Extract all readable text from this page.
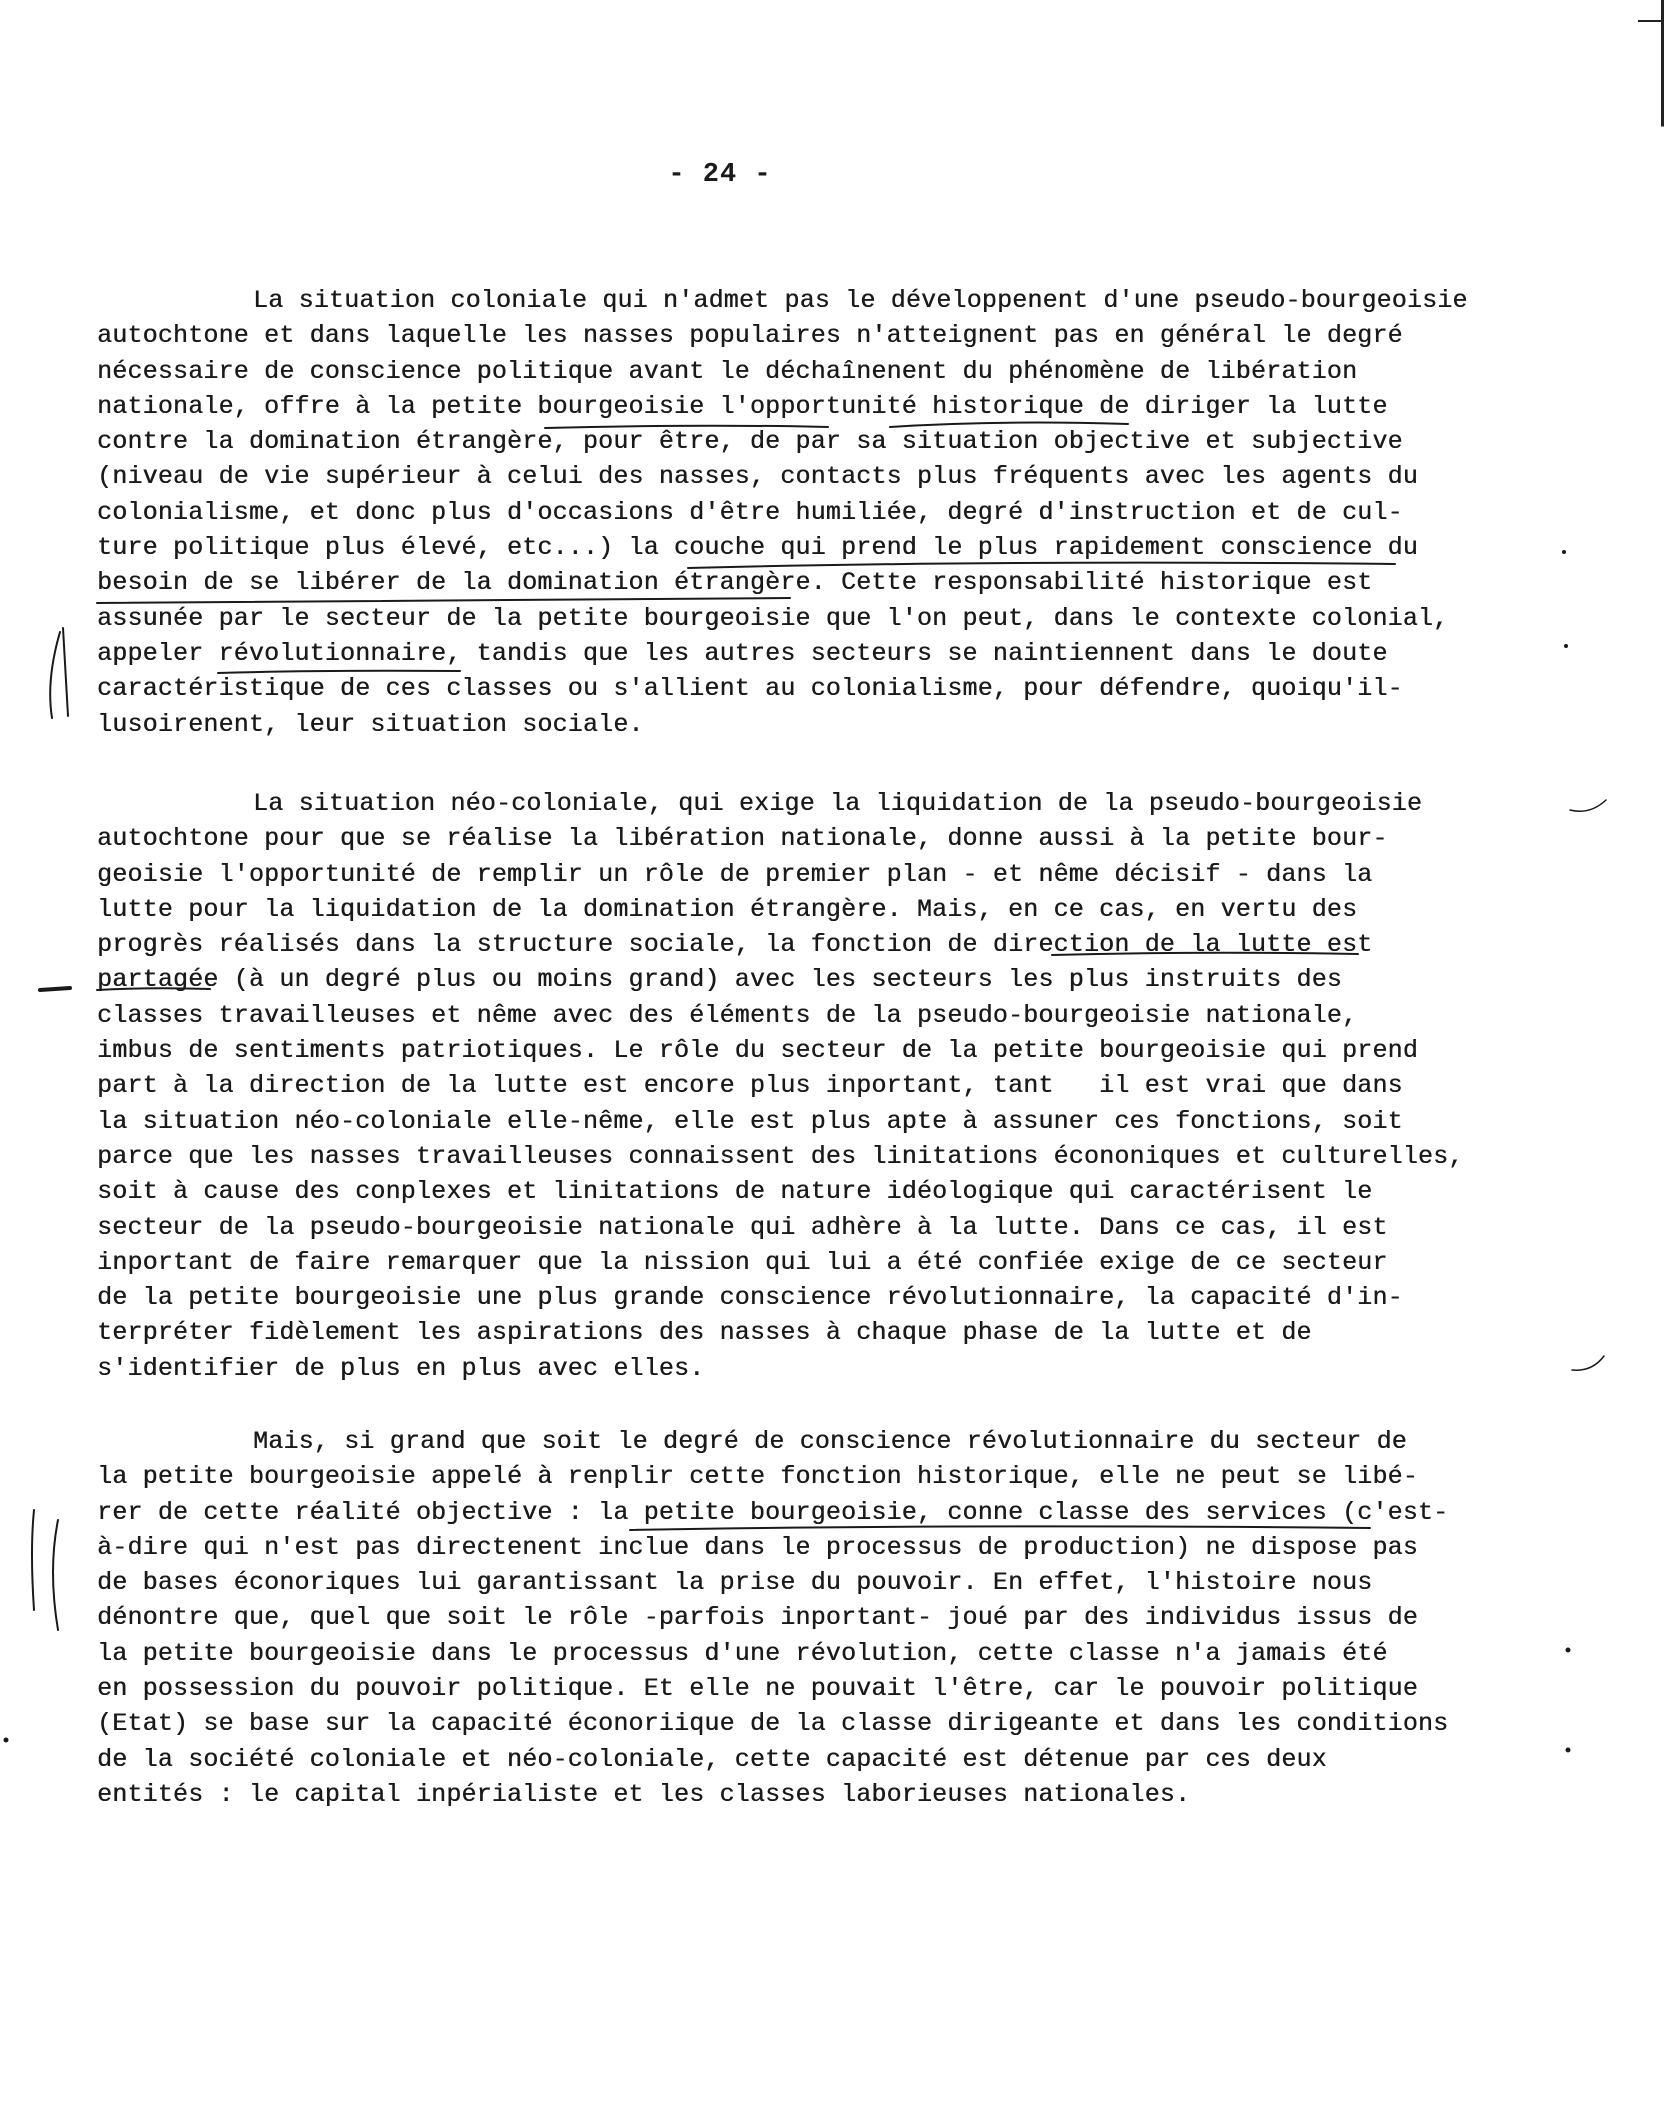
- 24 -
La situation coloniale qui n'admet pas le développenent d'une pseudo-bourgeoisie
autochtone et dans laquelle les nasses populaires n'atteignent pas en général le degré
nécessaire de conscience politique avant le déchaînenent du phénomène de libération
nationale, offre à la petite bourgeoisie l'opportunité historique de diriger la lutte
contre la domination étrangère, pour être, de par sa situation objective et subjective
(niveau de vie supérieur à celui des nasses, contacts plus fréquents avec les agents du
colonialisme, et donc plus d'occasions d'être humiliée, degré d'instruction et de cul-
ture politique plus élevé, etc...) la couche qui prend le plus rapidement conscience du
besoin de se libérer de la domination étrangère. Cette responsabilité historique est
assunée par le secteur de la petite bourgeoisie que l'on peut, dans le contexte colonial,
appeler révolutionnaire, tandis que les autres secteurs se naintiennent dans le doute
caractéristique de ces classes ou s'allient au colonialisme, pour défendre, quoiqu'il-
lusoirenent, leur situation sociale.
La situation néo-coloniale, qui exige la liquidation de la pseudo-bourgeoisie
autochtone pour que se réalise la libération nationale, donne aussi à la petite bour-
geoisie l'opportunité de remplir un rôle de premier plan - et nême décisif - dans la
lutte pour la liquidation de la domination étrangère. Mais, en ce cas, en vertu des
progrès réalisés dans la structure sociale, la fonction de direction de la lutte est
partagée (à un degré plus ou moins grand) avec les secteurs les plus instruits des
classes travailleuses et nême avec des éléments de la pseudo-bourgeoisie nationale,
imbus de sentiments patriotiques. Le rôle du secteur de la petite bourgeoisie qui prend
part à la direction de la lutte est encore plus inportant, tant   il est vrai que dans
la situation néo-coloniale elle-nême, elle est plus apte à assuner ces fonctions, soit
parce que les nasses travailleuses connaissent des linitations écononiques et culturelles,
soit à cause des conplexes et linitations de nature idéologique qui caractérisent le
secteur de la pseudo-bourgeoisie nationale qui adhère à la lutte. Dans ce cas, il est
inportant de faire remarquer que la nission qui lui a été confiée exige de ce secteur
de la petite bourgeoisie une plus grande conscience révolutionnaire, la capacité d'in-
terpréter fidèlement les aspirations des nasses à chaque phase de la lutte et de
s'identifier de plus en plus avec elles.
Mais, si grand que soit le degré de conscience révolutionnaire du secteur de
la petite bourgeoisie appelé à renplir cette fonction historique, elle ne peut se libé-
rer de cette réalité objective : la petite bourgeoisie, conne classe des services (c'est-
à-dire qui n'est pas directenent inclue dans le processus de production) ne dispose pas
de bases éconoriques lui garantissant la prise du pouvoir. En effet, l'histoire nous
dénontre que, quel que soit le rôle -parfois inportant- joué par des individus issus de
la petite bourgeoisie dans le processus d'une révolution, cette classe n'a jamais été
en possession du pouvoir politique. Et elle ne pouvait l'être, car le pouvoir politique
(Etat) se base sur la capacité éconoriique de la classe dirigeante et dans les conditions
de la société coloniale et néo-coloniale, cette capacité est détenue par ces deux
entités : le capital inpérialiste et les classes laborieuses nationales.
